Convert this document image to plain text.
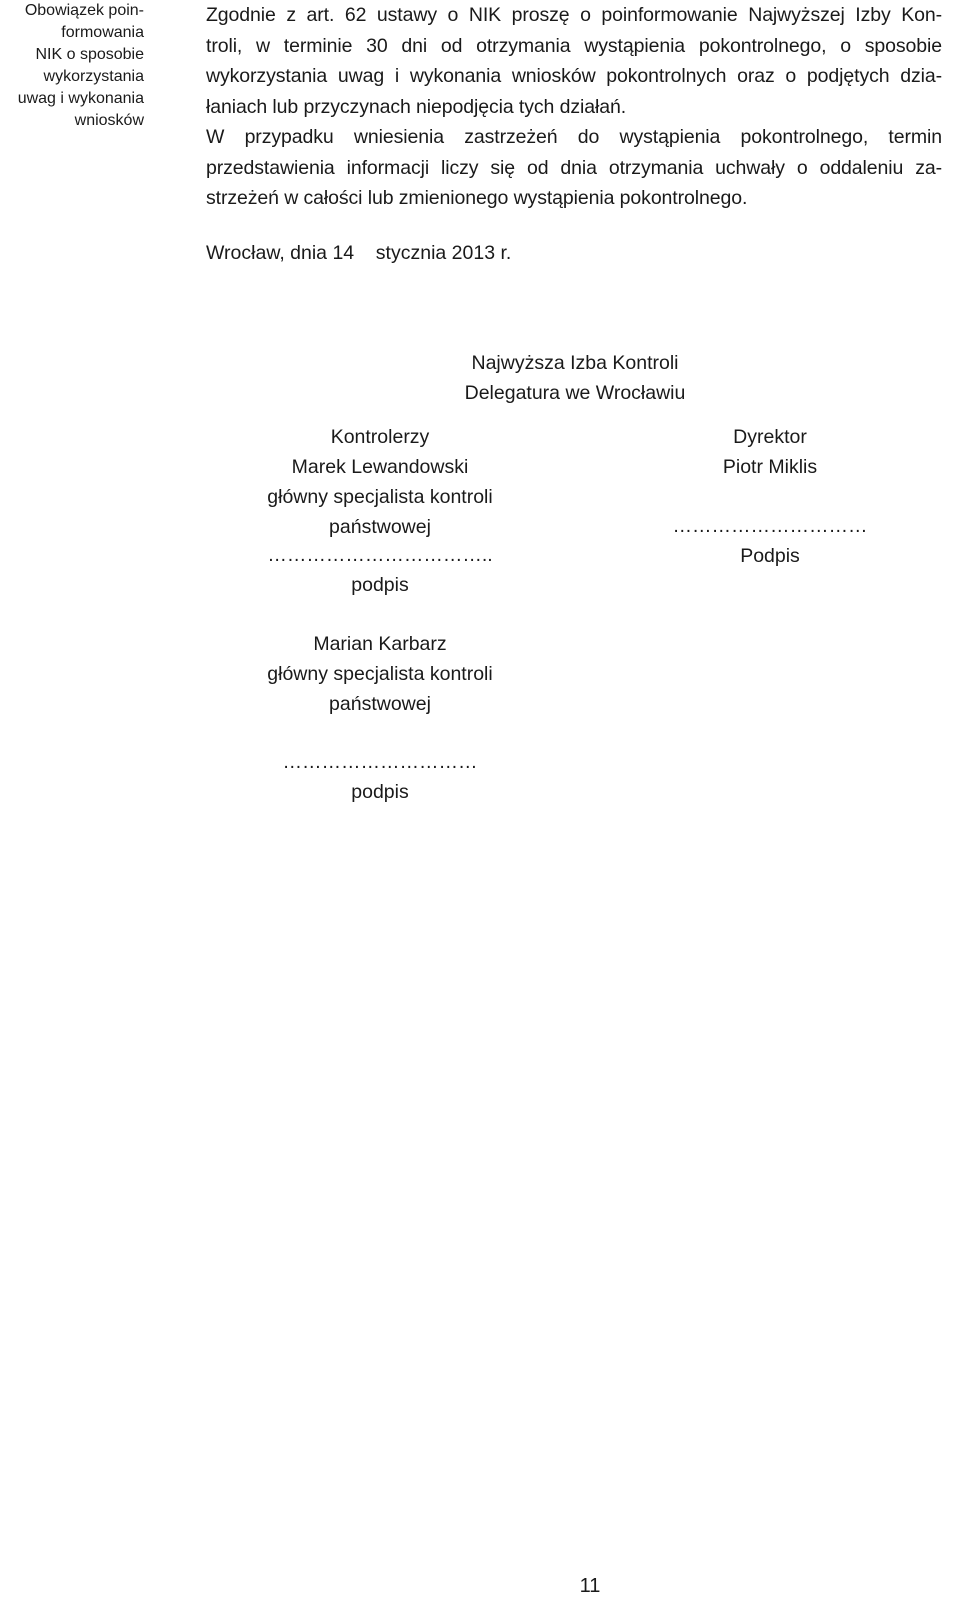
Obowiązek poin-
formowania
NIK o sposobie
wykorzystania
uwag i wykonania
wniosków

Zgodnie z art. 62 ustawy o NIK proszę o poinformowanie Najwyższej Izby Kon-
troli, w terminie 30 dni od otrzymania wystąpienia pokontrolnego, o sposobie
wykorzystania uwag i wykonania wniosków pokontrolnych oraz o podjętych dzia-
łaniach lub przyczynach niepodjęcia tych działań.

W przypadku wniesienia zastrzeżeń do wystąpienia pokontrolnego, termin
przedstawienia informacji liczy się od dnia otrzymania uchwały o oddaleniu za-
strzeżeń w całości lub zmienionego wystąpienia pokontrolnego.

Wrocław, dnia 14    stycznia 2013 r.
Najwyższa Izba Kontroli
Delegatura we Wrocławiu
Kontrolerzy
Marek Lewandowski
główny specjalista kontroli
państwowej
……………………………..
podpis
Marian Karbarz
główny specjalista kontroli
państwowej
…………………………
podpis
Dyrektor
Piotr Miklis
…………………………
Podpis
11
